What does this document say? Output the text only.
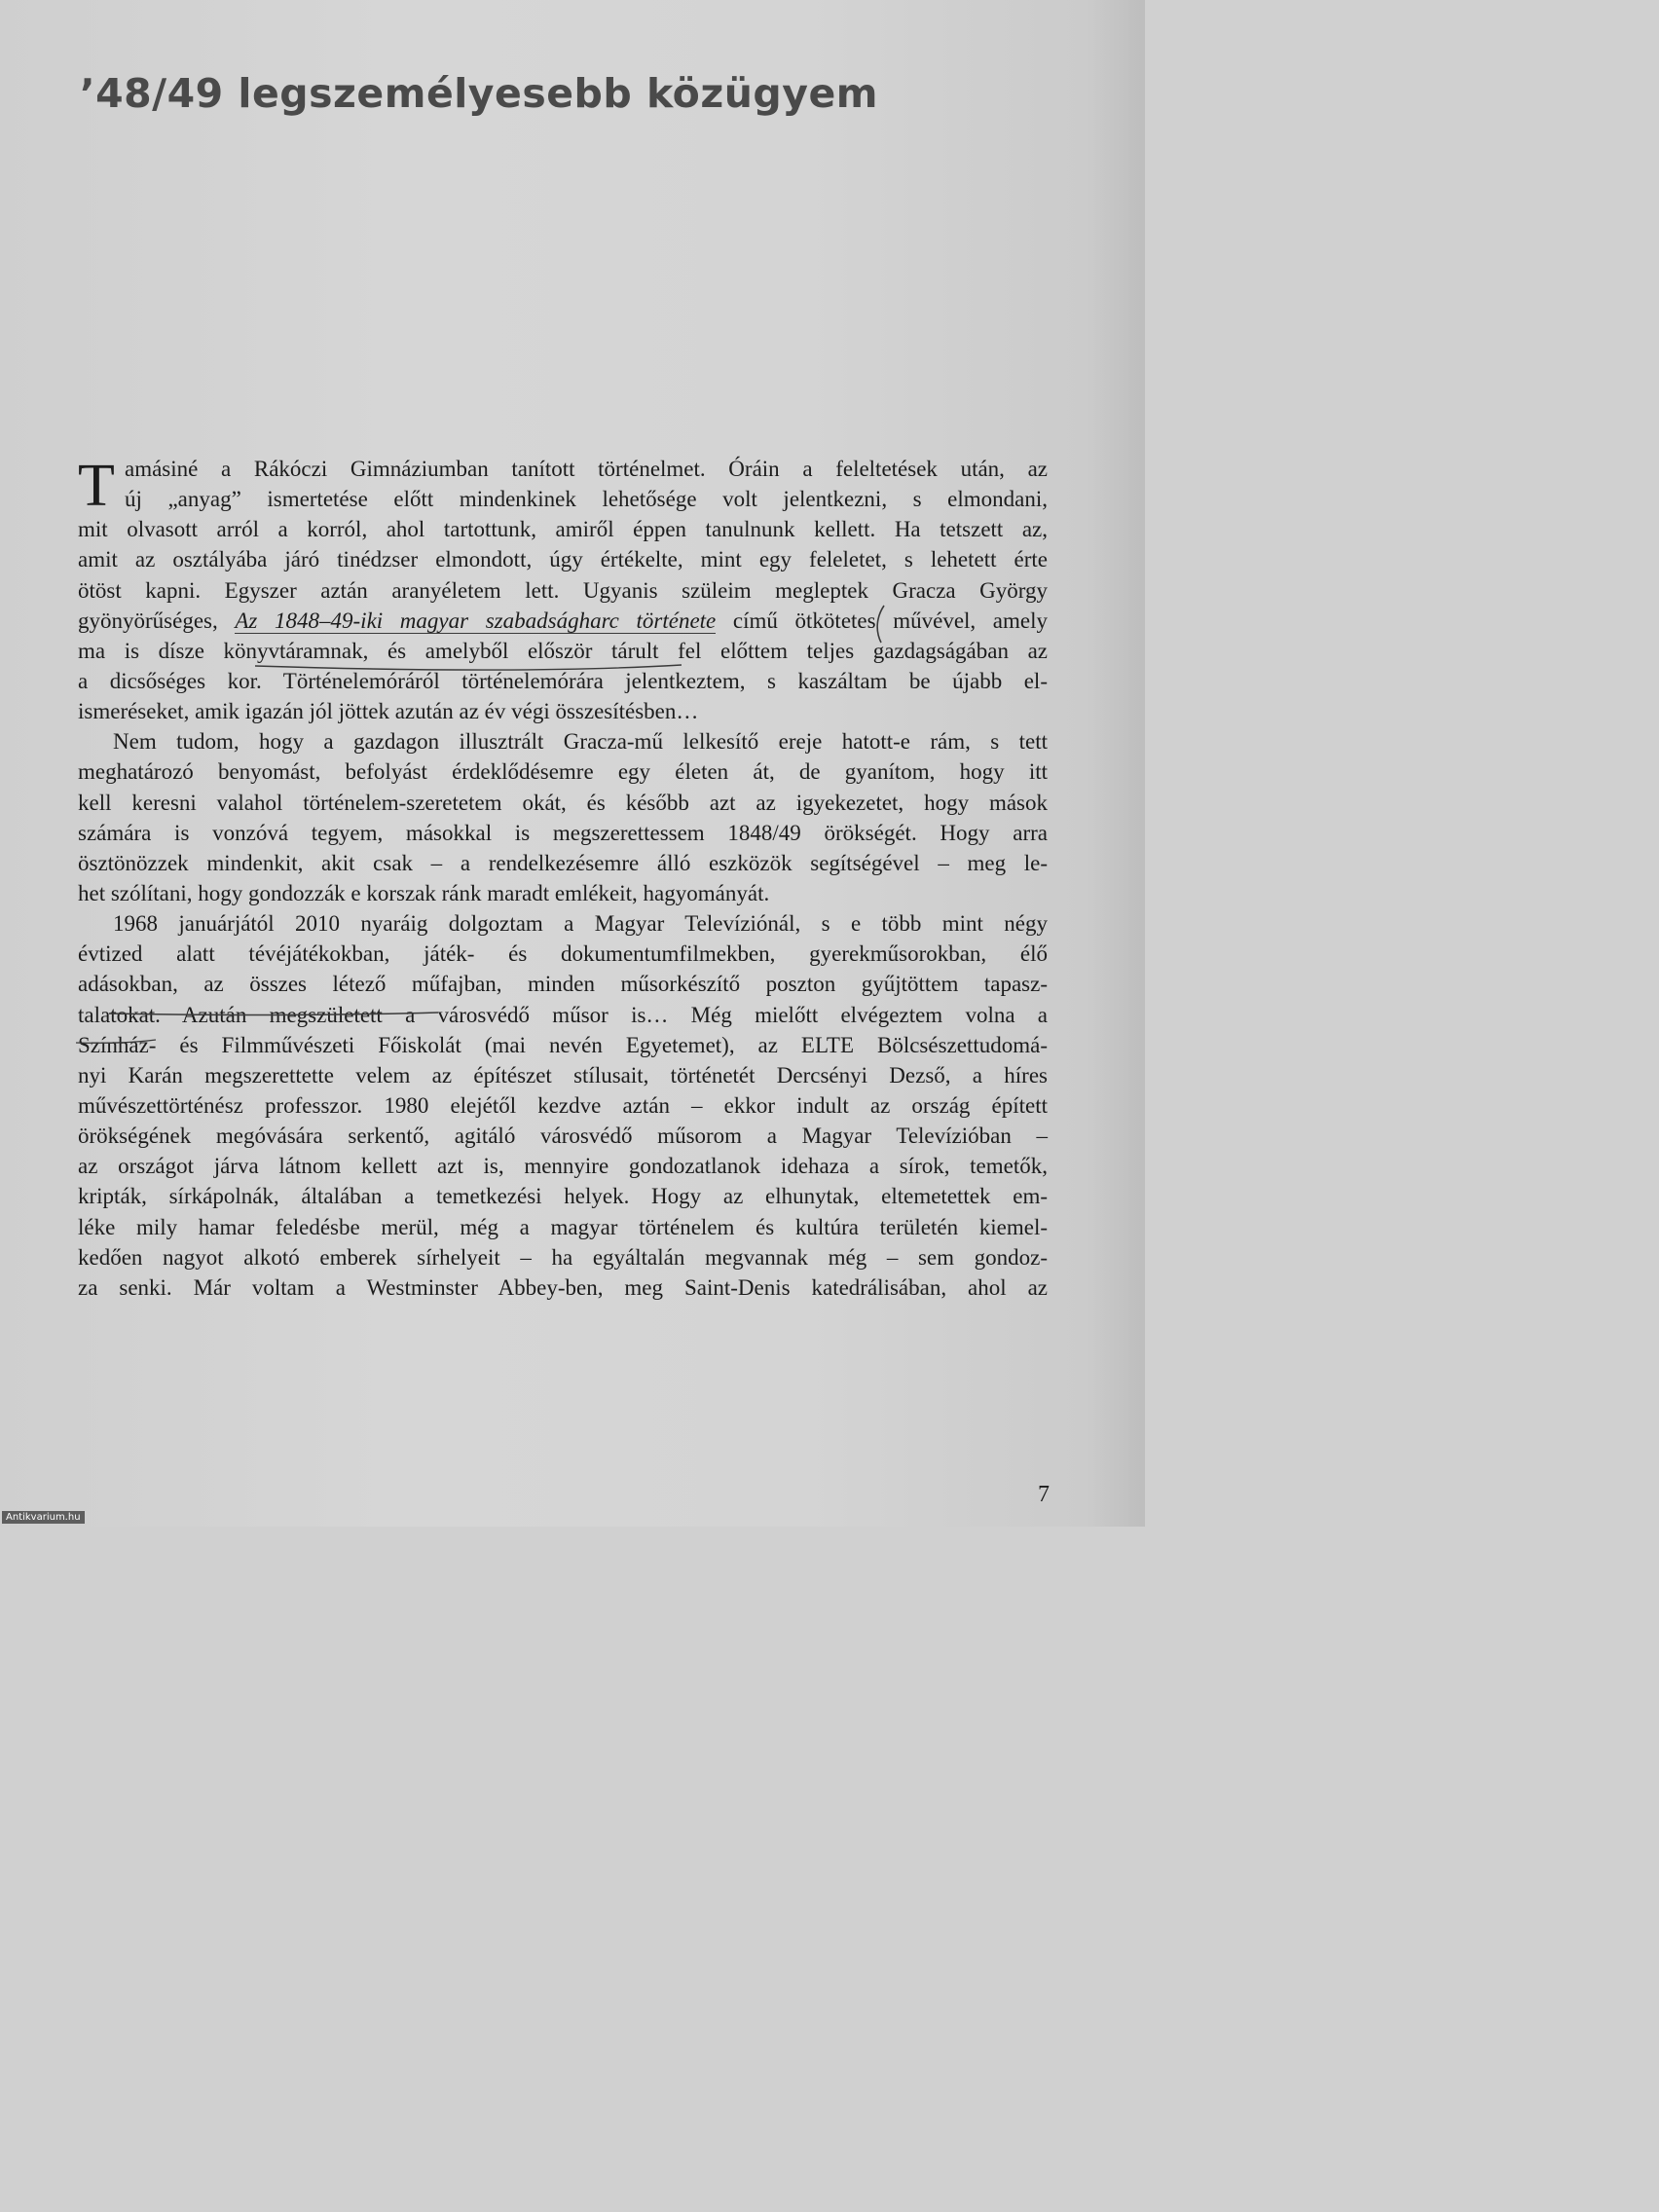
’48/49 legszemélyesebb közügyem
T amásiné a Rákóczi Gimnáziumban tanított történelmet. Óráin a feleltetések után, az
új „anyag” ismertetése előtt mindenkinek lehetősége volt jelentkezni, s elmondani,
mit olvasott arról a korról, ahol tartottunk, amiről éppen tanulnunk kellett. Ha tetszett az,
amit az osztályába járó tinédzser elmondott, úgy értékelte, mint egy feleletet, s lehetett érte
ötöst kapni. Egyszer aztán aranyéletem lett. Ugyanis szüleim megleptek Gracza György
gyönyörűséges, Az 1848–49-iki magyar szabadságharc története című ötkötetes művével, amely
ma is dísze könyvtáramnak, és amelyből először tárult fel előttem teljes gazdagságában az
a dicsőséges kor. Történelemóráról történelemórára jelentkeztem, s kaszáltam be újabb el-
ismeréseket, amik igazán jól jöttek azután az év végi összesítésben…
Nem tudom, hogy a gazdagon illusztrált Gracza-mű lelkesítő ereje hatott-e rám, s tett
meghatározó benyomást, befolyást érdeklődésemre egy életen át, de gyanítom, hogy itt
kell keresni valahol történelem-szeretetem okát, és később azt az igyekezetet, hogy mások
számára is vonzóvá tegyem, másokkal is megszerettessem 1848/49 örökségét. Hogy arra
ösztönözzek mindenkit, akit csak – a rendelkezésemre álló eszközök segítségével – meg le-
het szólítani, hogy gondozzák e korszak ránk maradt emlékeit, hagyományát.
1968 januárjától 2010 nyaráig dolgoztam a Magyar Televíziónál, s e több mint négy
évtized alatt tévéjátékokban, játék- és dokumentumfilmekben, gyerekműsorokban, élő
adásokban, az összes létező műfajban, minden műsorkészítő poszton gyűjtöttem tapasz-
talatokat. Azután megszületett a városvédő műsor is… Még mielőtt elvégeztem volna a
Színház- és Filmművészeti Főiskolát (mai nevén Egyetemet), az ELTE Bölcsészettudomá-
nyi Karán megszerettette velem az építészet stílusait, történetét Dercsényi Dezső, a híres
művészettörténész professzor. 1980 elejétől kezdve aztán – ekkor indult az ország épített
örökségének megóvására serkentő, agitáló városvédő műsorom a Magyar Televízióban –
az országot járva látnom kellett azt is, mennyire gondozatlanok idehaza a sírok, temetők,
kripták, sírkápolnák, általában a temetkezési helyek. Hogy az elhunytak, eltemetettek em-
léke mily hamar feledésbe merül, még a magyar történelem és kultúra területén kiemel-
kedően nagyot alkotó emberek sírhelyeit – ha egyáltalán megvannak még – sem gondoz-
za senki. Már voltam a Westminster Abbey-ben, meg Saint-Denis katedrálisában, ahol az
7
Antikvarium.hu
